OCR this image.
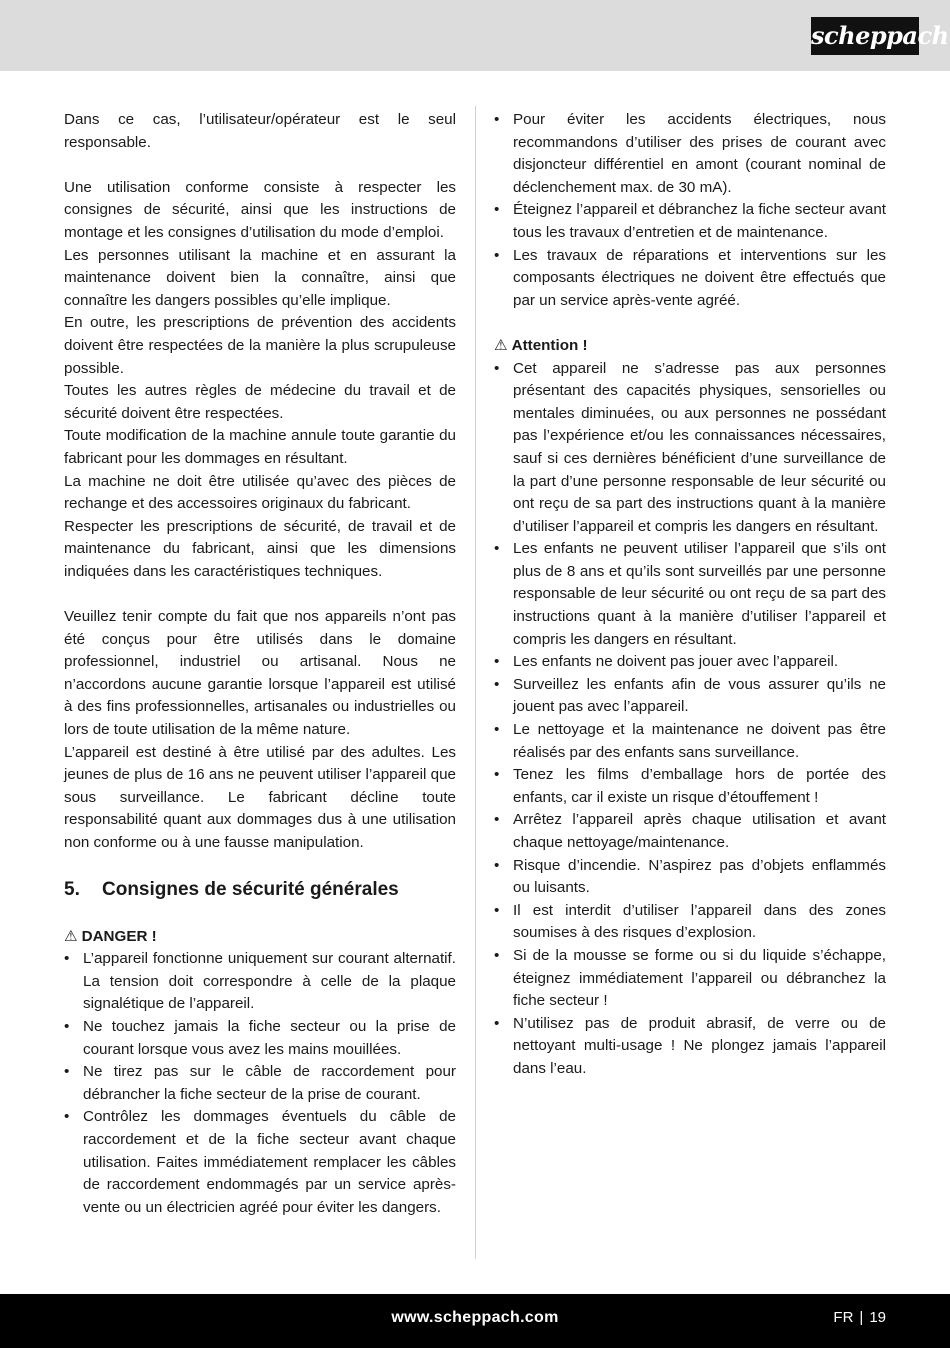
scheppach

Dans ce cas, l’utilisateur/opérateur est le seul responsable.

Une utilisation conforme consiste à respecter les consignes de sécurité, ainsi que les instructions de montage et les consignes d’utilisation du mode d’emploi.

Les personnes utilisant la machine et en assurant la maintenance doivent bien la connaître, ainsi que connaître les dangers possibles qu’elle implique.

En outre, les prescriptions de prévention des accidents doivent être respectées de la manière la plus scrupuleuse possible.

Toutes les autres règles de médecine du travail et de sécurité doivent être respectées.

Toute modification de la machine annule toute garantie du fabricant pour les dommages en résultant.

La machine ne doit être utilisée qu’avec des pièces de rechange et des accessoires originaux du fabricant.

Respecter les prescriptions de sécurité, de travail et de maintenance du fabricant, ainsi que les dimensions indiquées dans les caractéristiques techniques.

Veuillez tenir compte du fait que nos appareils n’ont pas été conçus pour être utilisés dans le domaine professionnel, industriel ou artisanal. Nous ne n’accordons aucune garantie lorsque l’appareil est utilisé à des fins professionnelles, artisanales ou industrielles ou lors de toute utilisation de la même nature.

L’appareil est destiné à être utilisé par des adultes. Les jeunes de plus de 16 ans ne peuvent utiliser l’appareil que sous surveillance. Le fabricant décline toute responsabilité quant aux dommages dus à une utilisation non conforme ou à une fausse manipulation.

5. Consignes de sécurité générales

⚠ DANGER !

• L’appareil fonctionne uniquement sur courant alternatif. La tension doit correspondre à celle de la plaque signalétique de l’appareil.
• Ne touchez jamais la fiche secteur ou la prise de courant lorsque vous avez les mains mouillées.
• Ne tirez pas sur le câble de raccordement pour débrancher la fiche secteur de la prise de courant.
• Contrôlez les dommages éventuels du câble de raccordement et de la fiche secteur avant chaque utilisation. Faites immédiatement remplacer les câbles de raccordement endommagés par un service après-vente ou un électricien agréé pour éviter les dangers.
• Pour éviter les accidents électriques, nous recommandons d’utiliser des prises de courant avec disjoncteur différentiel en amont (courant nominal de déclenchement max. de 30 mA).
• Éteignez l’appareil et débranchez la fiche secteur avant tous les travaux d’entretien et de maintenance.
• Les travaux de réparations et interventions sur les composants électriques ne doivent être effectués que par un service après-vente agréé.

⚠ Attention !

• Cet appareil ne s’adresse pas aux personnes présentant des capacités physiques, sensorielles ou mentales diminuées, ou aux personnes ne possédant pas l’expérience et/ou les connaissances nécessaires, sauf si ces dernières bénéficient d’une surveillance de la part d’une personne responsable de leur sécurité ou ont reçu de sa part des instructions quant à la manière d’utiliser l’appareil et compris les dangers en résultant.
• Les enfants ne peuvent utiliser l’appareil que s’ils ont plus de 8 ans et qu’ils sont surveillés par une personne responsable de leur sécurité ou ont reçu de sa part des instructions quant à la manière d’utiliser l’appareil et compris les dangers en résultant.
• Les enfants ne doivent pas jouer avec l’appareil.
• Surveillez les enfants afin de vous assurer qu’ils ne jouent pas avec l’appareil.
• Le nettoyage et la maintenance ne doivent pas être réalisés par des enfants sans surveillance.
• Tenez les films d’emballage hors de portée des enfants, car il existe un risque d’étouffement !
• Arrêtez l’appareil après chaque utilisation et avant chaque nettoyage/maintenance.
• Risque d’incendie. N’aspirez pas d’objets enflammés ou luisants.
• Il est interdit d’utiliser l’appareil dans des zones soumises à des risques d’explosion.
• Si de la mousse se forme ou si du liquide s’échappe, éteignez immédiatement l’appareil ou débranchez la fiche secteur !
• N’utilisez pas de produit abrasif, de verre ou de nettoyant multi-usage ! Ne plongez jamais l’appareil dans l’eau.
www.scheppach.com	FR | 19
